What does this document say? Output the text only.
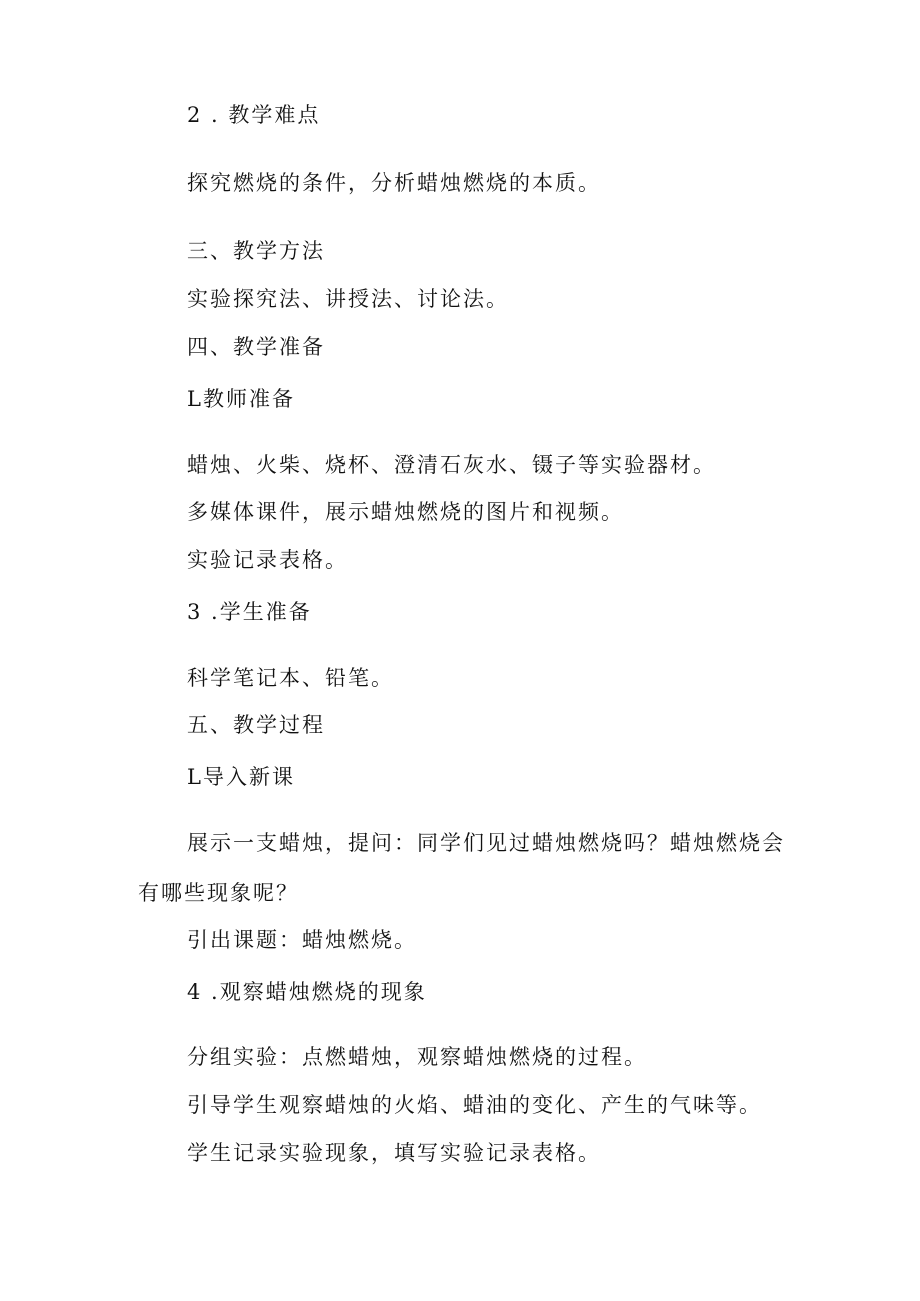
2 . 教学难点
探究燃烧的条件，分析蜡烛燃烧的本质。
三、教学方法
实验探究法、讲授法、讨论法。
四、教学准备
L教师准备
蜡烛、火柴、烧杯、澄清石灰水、镊子等实验器材。
多媒体课件，展示蜡烛燃烧的图片和视频。
实验记录表格。
3 .学生准备
科学笔记本、铅笔。
五、教学过程
L导入新课
展示一支蜡烛，提问：同学们见过蜡烛燃烧吗？蜡烛燃烧会有哪些现象呢？
引出课题：蜡烛燃烧。
4 .观察蜡烛燃烧的现象
分组实验：点燃蜡烛，观察蜡烛燃烧的过程。
引导学生观察蜡烛的火焰、蜡油的变化、产生的气味等。
学生记录实验现象，填写实验记录表格。
